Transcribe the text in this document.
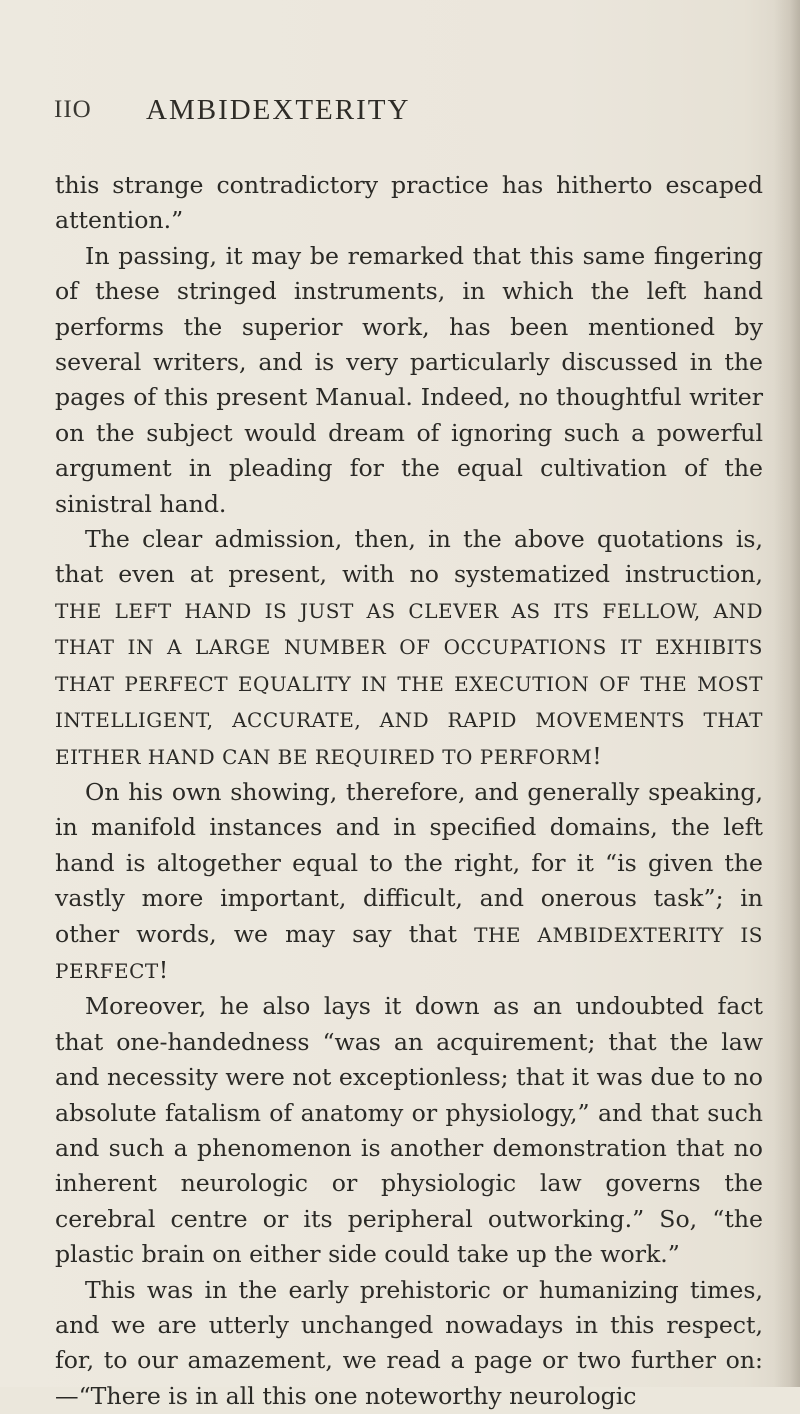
IIO AMBIDEXTERITY

this strange contradictory practice has hitherto escaped attention.”

In passing, it may be remarked that this same fingering of these stringed instruments, in which the left hand performs the superior work, has been mentioned by several writers, and is very particularly discussed in the pages of this present Manual. Indeed, no thoughtful writer on the subject would dream of ignoring such a powerful argument in pleading for the equal cultivation of the sinistral hand.

The clear admission, then, in the above quotations is, that even at present, with no systematized instruction, THE LEFT HAND IS JUST AS CLEVER AS ITS FELLOW, AND THAT IN A LARGE NUMBER OF OCCUPATIONS IT EXHIBITS THAT PERFECT EQUALITY IN THE EXECUTION OF THE MOST INTELLIGENT, ACCURATE, AND RAPID MOVEMENTS THAT EITHER HAND CAN BE REQUIRED TO PERFORM!

On his own showing, therefore, and generally speaking, in manifold instances and in specified domains, the left hand is altogether equal to the right, for it “is given the vastly more important, difficult, and onerous task”; in other words, we may say that THE AMBIDEXTERITY IS PERFECT!

Moreover, he also lays it down as an undoubted fact that one-handedness “was an acquirement; that the law and necessity were not exceptionless; that it was due to no absolute fatalism of anatomy or physiology,” and that such and such a phenomenon is another demonstration that no inherent neurologic or physiologic law governs the cerebral centre or its peripheral outworking.” So, “the plastic brain on either side could take up the work.”

This was in the early prehistoric or humanizing times, and we are utterly unchanged nowadays in this respect, for, to our amazement, we read a page or two further on:—“There is in all this one noteworthy neurologic
